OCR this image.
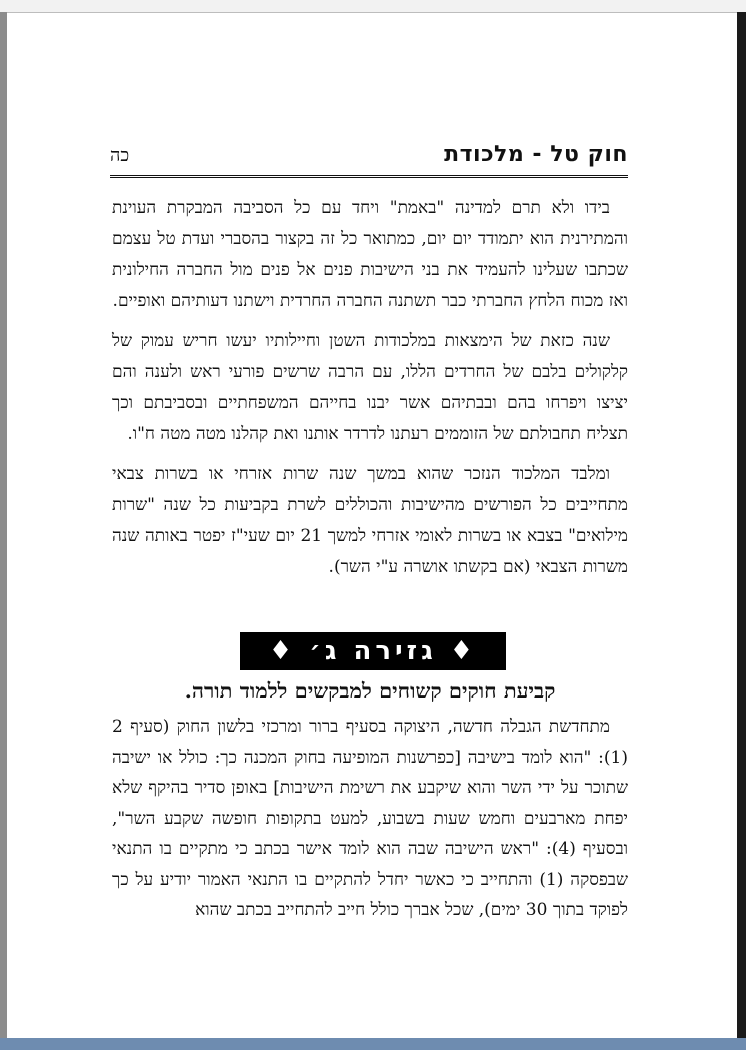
חוק טל - מלכודת
כה

בידו ולא תרם למדינה "באמת" ויחד עם כל הסביבה המבקרת העוינת והמתירנית הוא יתמודד יום יום, כמתואר כל זה בקצור בהסברי ועדת טל עצמם שכתבו שעלינו להעמיד את בני הישיבות פנים אל פנים מול החברה החילונית ואז מכוח הלחץ החברתי כבר תשתנה החברה החרדית וישתנו דעותיהם ואופיים.

שנה כזאת של הימצאות במלכודות השטן וחיילותיו יעשו חריש עמוק של קלקולים בלבם של החרדים הללו, עם הרבה שרשים פורעי ראש ולענה והם יציצו ויפרחו בהם ובבתיהם אשר יבנו בחייהם המשפחתיים ובסביבתם וכך תצליח תחבולתם של הזוממים רעתנו לדרדר אותנו ואת קהלנו מטה מטה ח"ו.

ומלבד המלכוד הנזכר שהוא במשך שנה שרות אזרחי או בשרות צבאי מתחייבים כל הפורשים מהישיבות והכוללים לשרת בקביעות כל שנה "שרות מילואים" בצבא או בשרות לאומי אזרחי למשך 21 יום שעי"ז יפטר באותה שנה משרות הצבאי (אם בקשתו אושרה ע"י השר).

♦ גזירה ג׳ ♦
קביעת חוקים קשוחים למבקשים ללמוד תורה.

מתחדשת הגבלה חדשה, היצוקה בסעיף ברור ומרכזי בלשון החוק (סעיף 2 (1): "הוא לומד בישיבה [כפרשנות המופיעה בחוק המכנה כך: כולל או ישיבה שתוכר על ידי השר והוא שיקבע את רשימת הישיבות] באופן סדיר בהיקף שלא יפחת מארבעים וחמש שעות בשבוע, למעט בתקופות חופשה שקבע השר", ובסעיף (4): "ראש הישיבה שבה הוא לומד אישר בכתב כי מתקיים בו התנאי שבפסקה (1) והתחייב כי כאשר יחדל להתקיים בו התנאי האמור יודיע על כך לפוקד בתוך 30 ימים), שכל אברך כולל חייב להתחייב בכתב שהוא
